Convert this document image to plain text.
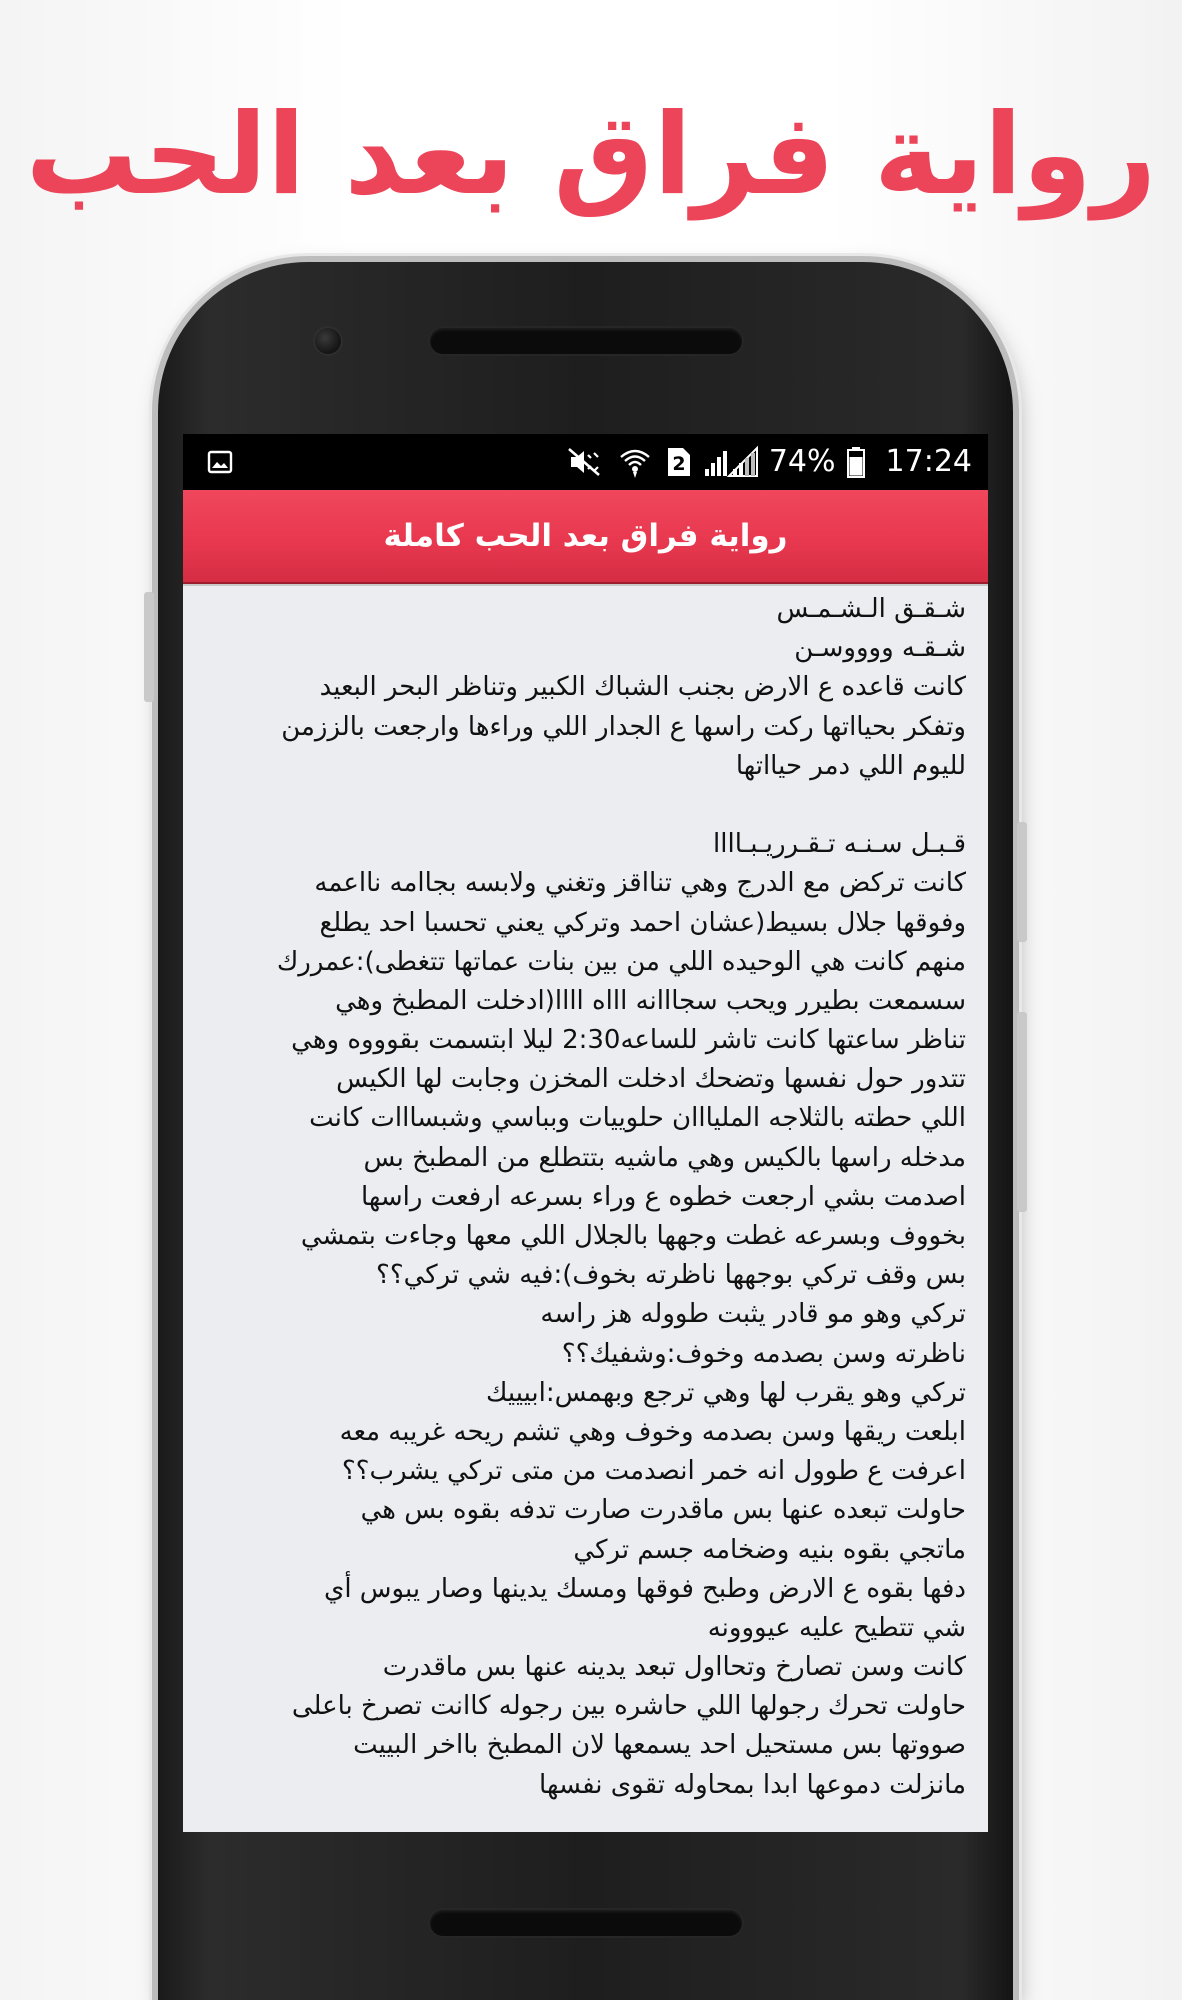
رواية فراق بعد الحب
2	74% 17:24
رواية فراق بعد الحب كاملة
شـقـق الـشـمـس
شـقـه ووووسـن
كانت قاعده ع الارض بجنب الشباك الكبير وتناظر البحر البعيد
وتفكر بحيااتها ركت راسها ع الجدار اللي وراءها وارجعت بالززمن
لليوم اللي دمر حيااتها
قـبـل سـنـه تـقـرريـبـاااا
كانت تركض مع الدرج وهي تنااقز وتغني ولابسه بجاامه نااعمه
وفوقها جلال بسيط(عشان احمد وتركي يعني تحسبا احد يطلع
منهم كانت هي الوحيده اللي من بين بنات عماتها تتغطى):عمررك
سسمعت بطيرر ويحب سجااانه اااه اااا(ادخلت المطبخ وهي
تناظر ساعتها كانت تاشر للساعه2:30 ليلا ابتسمت بقوووه وهي
تتدور حول نفسها وتضحك ادخلت المخزن وجابت لها الكيس
اللي حطته بالثلاجه المليااان حلوييات وبباسي وشبسااات كانت
مدخله راسها بالكيس وهي ماشيه بتتطلع من المطبخ بس
اصدمت بشي ارجعت خطوه ع وراء بسرعه ارفعت راسها
بخووف وبسرعه غطت وجهها بالجلال اللي معها وجاءت بتمشي
بس وقف تركي بوجهها ناظرته بخوف):فيه شي تركي؟؟
تركي وهو مو قادر يثبت طووله هز راسه
ناظرته وسن بصدمه وخوف:وشفيك؟؟
تركي وهو يقرب لها وهي ترجع وبهمس:ابيييك
ابلعت ريقها وسن بصدمه وخوف وهي تشم ريحه غريبه معه
اعرفت ع طوول انه خمر انصدمت من متى تركي يشرب؟؟
حاولت تبعده عنها بس ماقدرت صارت تدفه بقوه بس هي
ماتجي بقوه بنيه وضخامه جسم تركي
دفها بقوه ع الارض وطبح فوقها ومسك يدينها وصار يبوس أي
شي تتطيح عليه عيووونه
كانت وسن تصارخ وتحااول تبعد يدينه عنها بس ماقدرت
حاولت تحرك رجولها اللي حاشره بين رجوله كاانت تصرخ باعلى
صووتها بس مستحيل احد يسمعها لان المطبخ بااخر البييت
مانزلت دموعها ابدا بمحاوله تقوى نفسها
